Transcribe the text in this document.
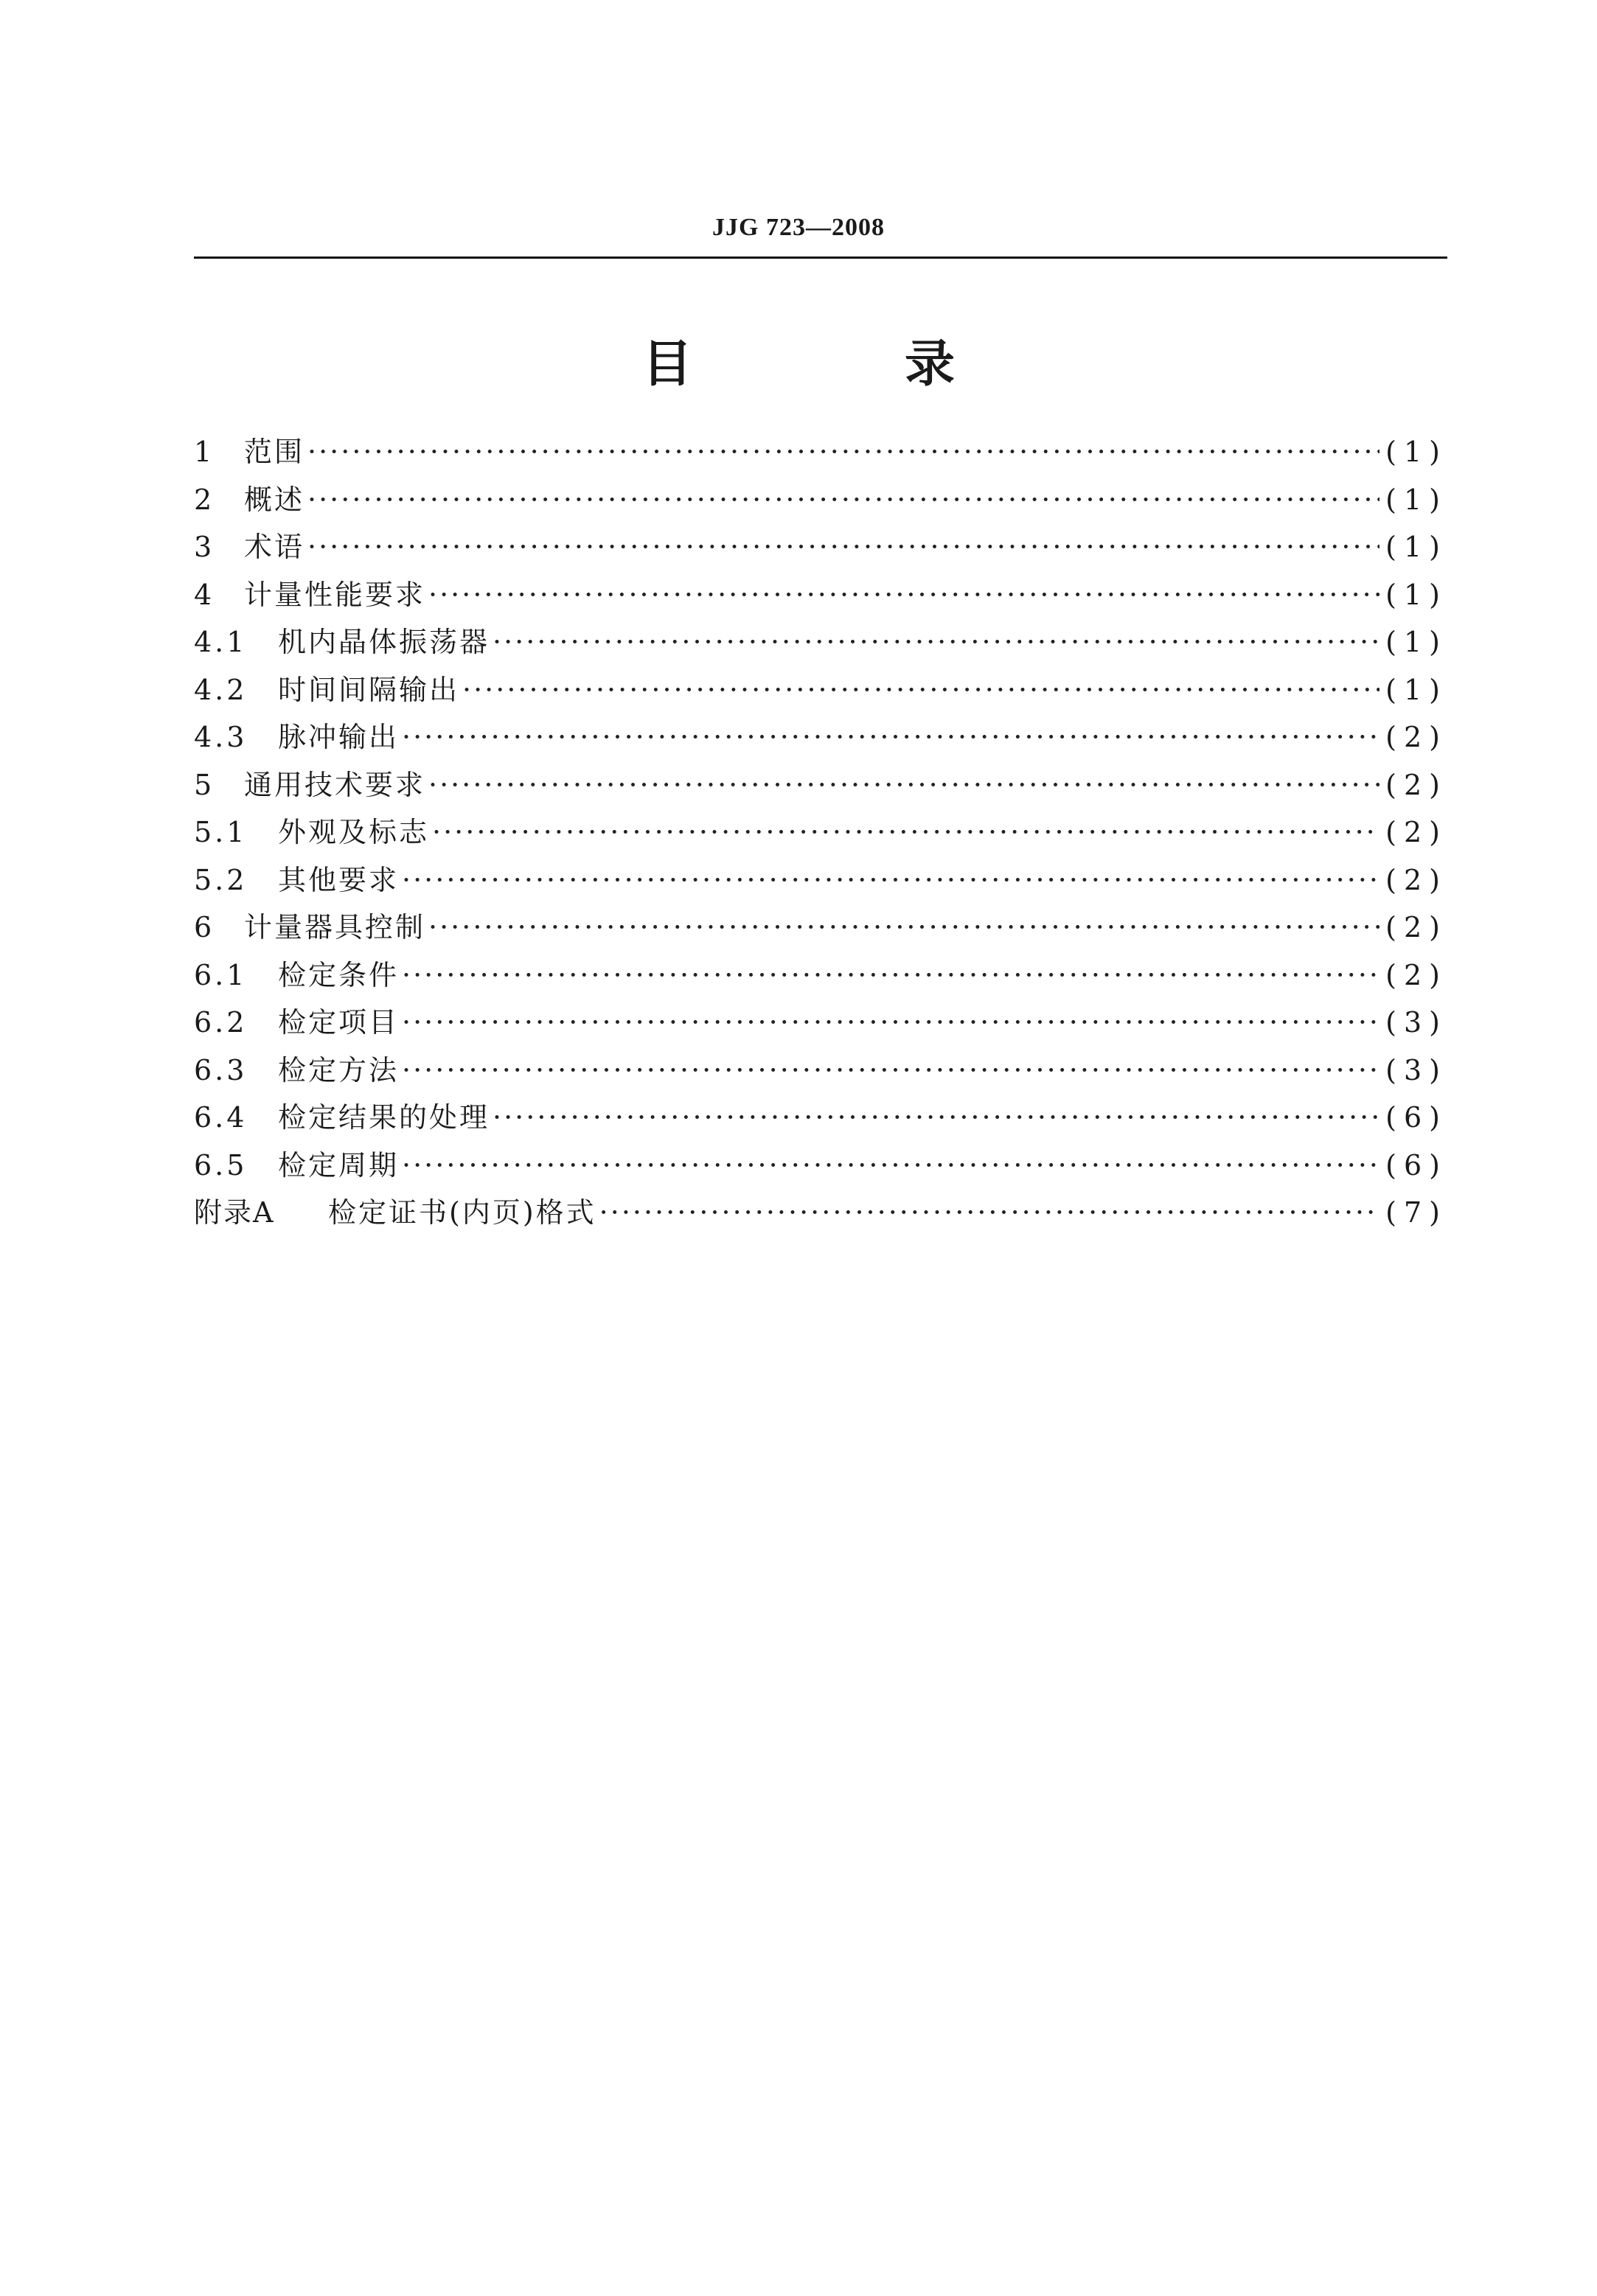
JJG 723—2008
目　录
1	范围 ·····	(1)
2	概述 ·····	(1)
3	术语 ·····	(1)
4	计量性能要求 ·····	(1)
4.1	机内晶体振荡器 ·····	(1)
4.2	时间间隔输出 ·····	(1)
4.3	脉冲输出 ·····	(2)
5	通用技术要求 ·····	(2)
5.1	外观及标志 ·····	(2)
5.2	其他要求 ·····	(2)
6	计量器具控制 ·····	(2)
6.1	检定条件 ·····	(2)
6.2	检定项目 ·····	(3)
6.3	检定方法 ·····	(3)
6.4	检定结果的处理 ·····	(6)
6.5	检定周期 ·····	(6)
附录A	检定证书(内页)格式 ·····	(7)
